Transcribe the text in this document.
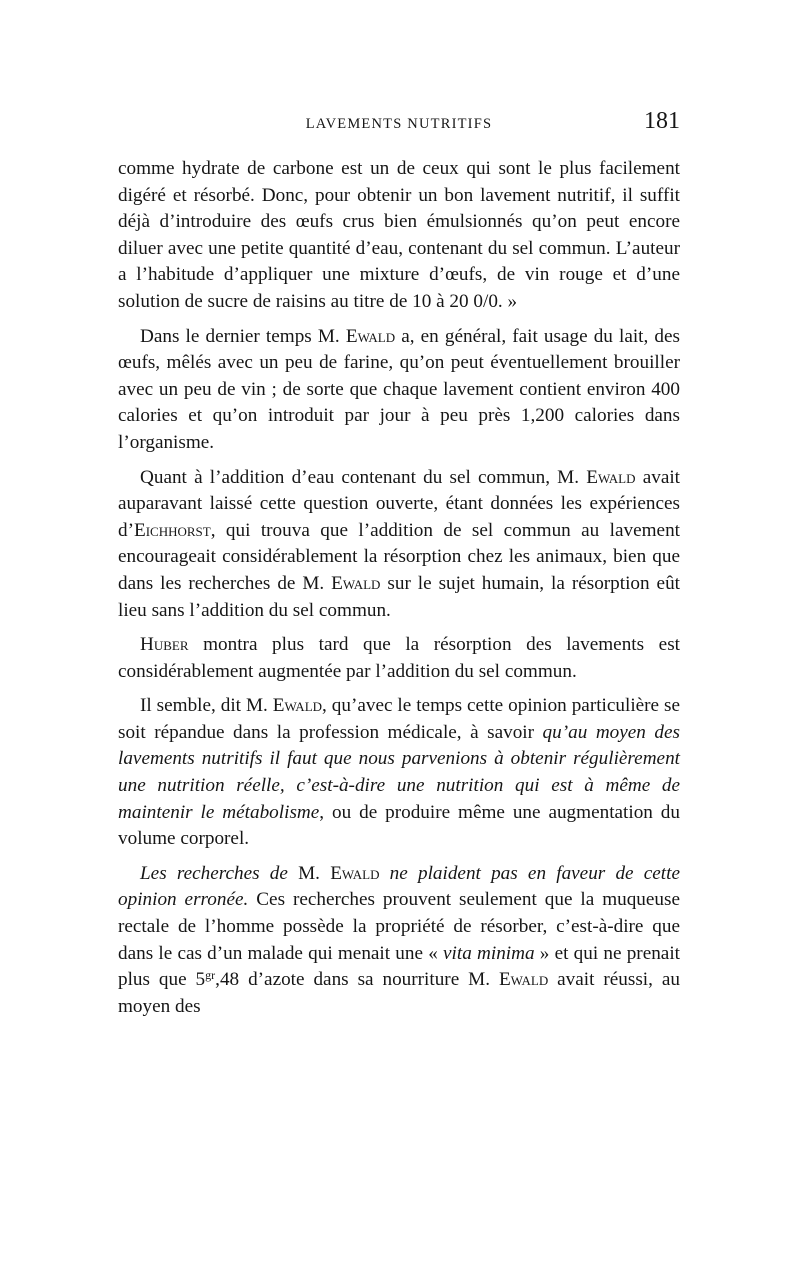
LAVEMENTS NUTRITIFS	181

comme hydrate de carbone est un de ceux qui sont le plus facilement digéré et résorbé. Donc, pour obtenir un bon lavement nutritif, il suffit déjà d’introduire des œufs crus bien émulsionnés qu’on peut encore diluer avec une petite quantité d’eau, contenant du sel commun. L’auteur a l’habitude d’appliquer une mixture d’œufs, de vin rouge et d’une solution de sucre de raisins au titre de 10 à 20 0/0. »

Dans le dernier temps M. Ewald a, en général, fait usage du lait, des œufs, mêlés avec un peu de farine, qu’on peut éventuellement brouiller avec un peu de vin ; de sorte que chaque lavement contient environ 400 calories et qu’on introduit par jour à peu près 1,200 calories dans l’organisme.

Quant à l’addition d’eau contenant du sel commun, M. Ewald avait auparavant laissé cette question ouverte, étant données les expériences d’Eichhorst, qui trouva que l’addition de sel commun au lavement encourageait considérablement la résorption chez les animaux, bien que dans les recherches de M. Ewald sur le sujet humain, la résorption eût lieu sans l’addition du sel commun.

Huber montra plus tard que la résorption des lavements est considérablement augmentée par l’addition du sel commun.

Il semble, dit M. Ewald, qu’avec le temps cette opinion particulière se soit répandue dans la profession médicale, à savoir qu’au moyen des lavements nutritifs il faut que nous parvenions à obtenir régulièrement une nutrition réelle, c’est-à-dire une nutrition qui est à même de maintenir le métabolisme, ou de produire même une augmentation du volume corporel.

Les recherches de M. Ewald ne plaident pas en faveur de cette opinion erronée. Ces recherches prouvent seulement que la muqueuse rectale de l’homme possède la propriété de résorber, c’est-à-dire que dans le cas d’un malade qui menait une « vita minima » et qui ne prenait plus que $5^{gr},48$ d’azote dans sa nourriture M. Ewald avait réussi, au moyen des
